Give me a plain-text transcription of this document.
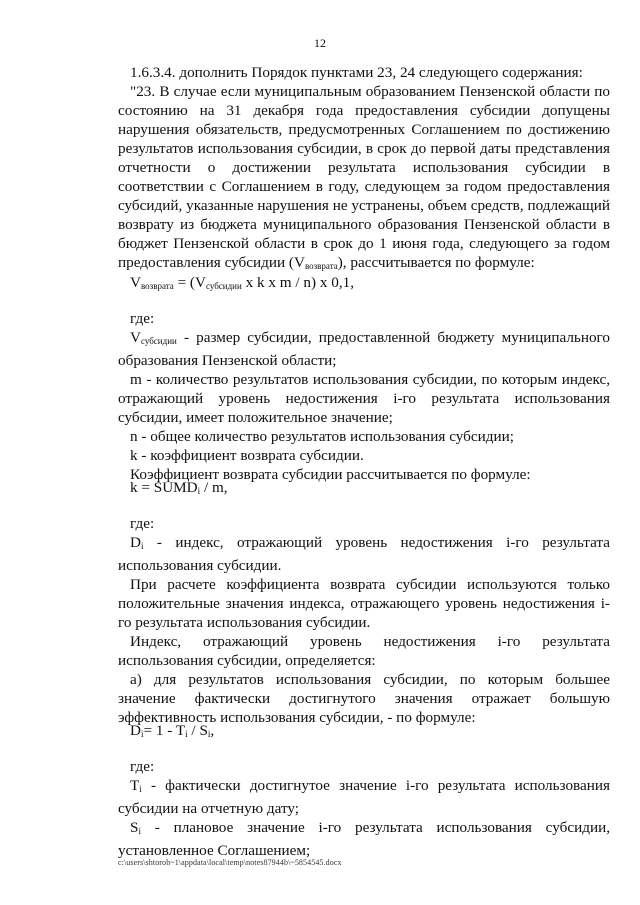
12

1.6.3.4. дополнить Порядок пунктами 23, 24 следующего содержания:

"23. В случае если муниципальным образованием Пензенской области по состоянию на 31 декабря года предоставления субсидии допущены нарушения обязательств, предусмотренных Соглашением по достижению результатов использования субсидии, в срок до первой даты представления отчетности о достижении результата использования субсидии в соответствии с Соглашением в году, следующем за годом предоставления субсидий, указанные нарушения не устранены, объем средств, подлежащий возврату из бюджета муниципального образования Пензенской области в бюджет Пензенской области в срок до 1 июня года, следующего за годом предоставления субсидии $(V_{возврата})$, рассчитывается по формуле:

$V_{возврата} = (V_{субсидии}$ x k x m / n) x 0,1,

где:

$V_{субсидии}$ - размер субсидии, предоставленной бюджету муниципального образования Пензенской области;

m - количество результатов использования субсидии, по которым индекс, отражающий уровень недостижения i-го результата использования субсидии, имеет положительное значение;

n - общее количество результатов использования субсидии;

k - коэффициент возврата субсидии.

Коэффициент возврата субсидии рассчитывается по формуле:

$k = SUMD_i / m$,

где:

$D_i$ - индекс, отражающий уровень недостижения i-го результата использования субсидии.

При расчете коэффициента возврата субсидии используются только положительные значения индекса, отражающего уровень недостижения i-го результата использования субсидии.

Индекс, отражающий уровень недостижения i-го результата использования субсидии, определяется:

а) для результатов использования субсидии, по которым большее значение фактически достигнутого значения отражает большую эффективность использования субсидии, - по формуле:

$D_i= 1 - T_i / S_i$,

где:

$T_i$ - фактически достигнутое значение i-го результата использования субсидии на отчетную дату;

$S_i$ - плановое значение i-го результата использования субсидии, установленное Соглашением;

c:\users\shtoroh~1\appdata\local\temp\notes87944b\~5854545.docx
